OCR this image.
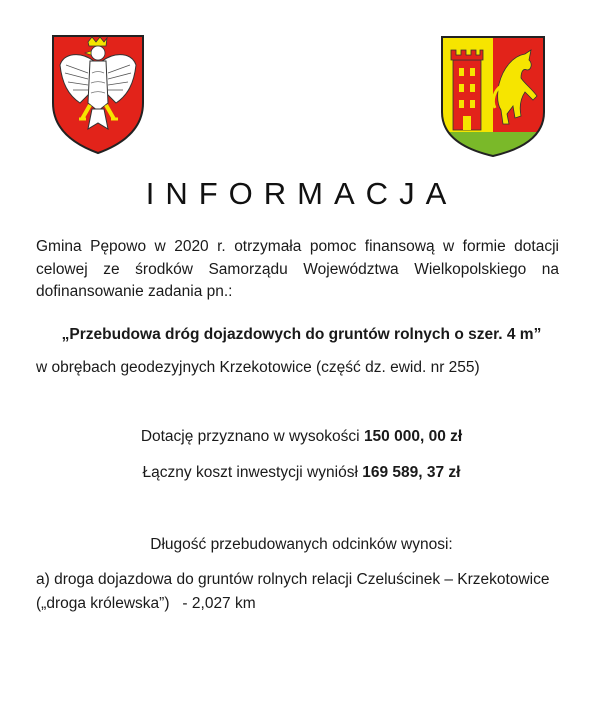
INFORMACJA
Gmina Pępowo w 2020 r. otrzymała pomoc finansową w formie dotacji celowej ze środków Samorządu Województwa Wielkopolskiego na dofinansowanie zadania pn.:
„Przebudowa dróg dojazdowych do gruntów rolnych o szer. 4 m”
w obrębach geodezyjnych Krzekotowice (część dz. ewid. nr 255)
Dotację przyznano w wysokości 150 000, 00 zł
Łączny koszt inwestycji wyniósł 169 589, 37 zł
Długość przebudowanych odcinków wynosi:
a) droga dojazdowa do gruntów rolnych relacji Czeluścinek – Krzekotowice
(„droga królewska”)   - 2,027 km
